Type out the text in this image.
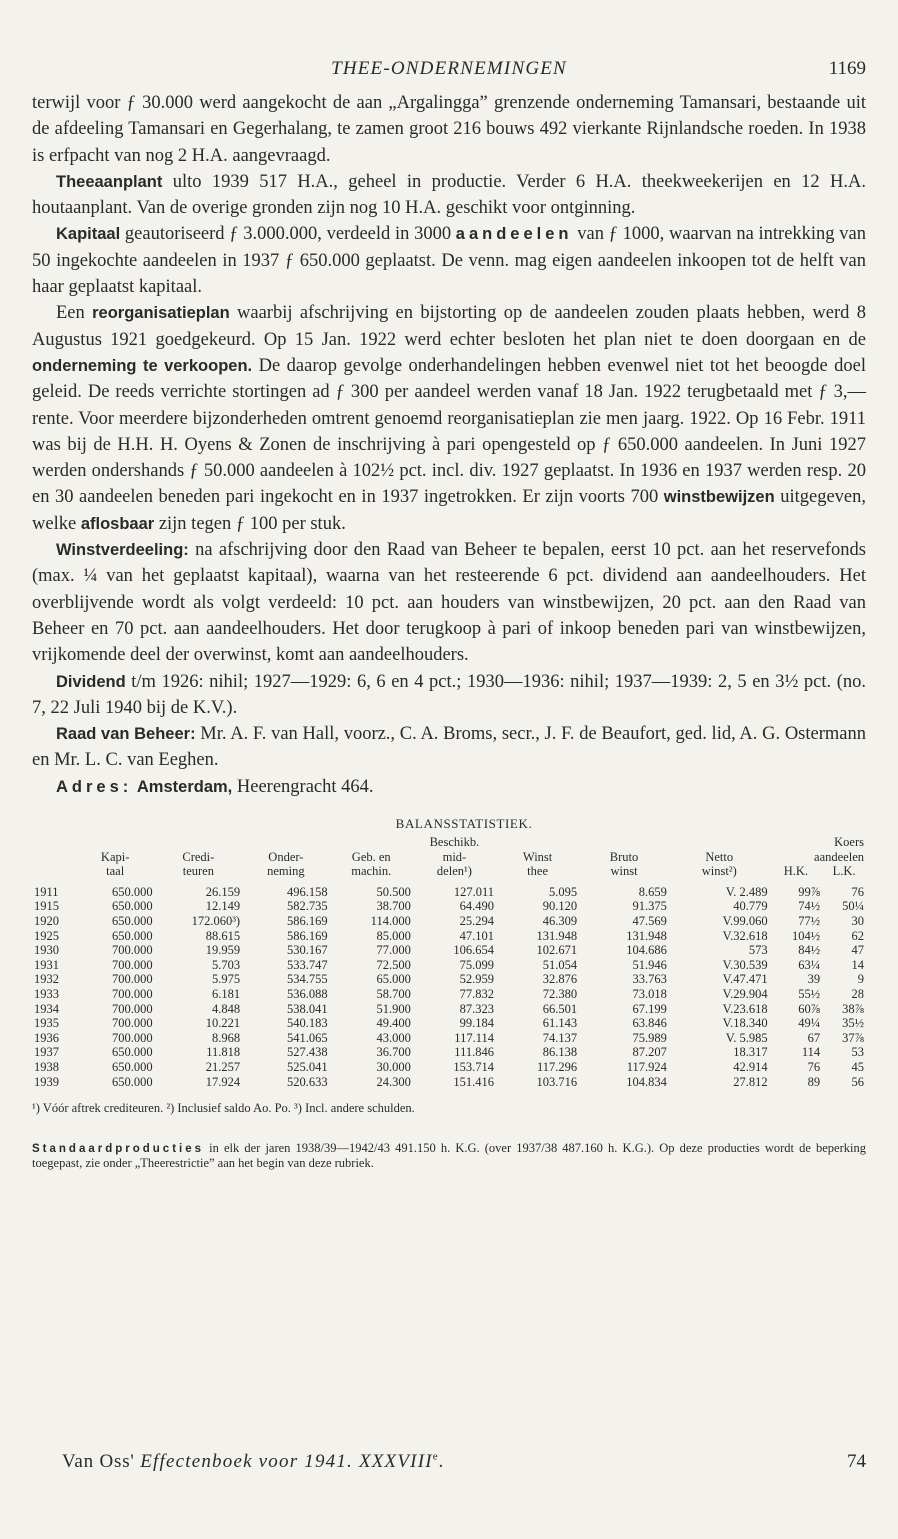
THEE-ONDERNEMINGEN	1169

terwijl voor ƒ 30.000 werd aangekocht de aan „Argalingga” grenzende onderneming Tamansari, bestaande uit de afdeeling Tamansari en Gegerhalang, te zamen groot 216 bouws 492 vierkante Rijnlandsche roeden. In 1938 is erfpacht van nog 2 H.A. aangevraagd.

Theeaanplant ulto 1939 517 H.A., geheel in productie. Verder 6 H.A. theekweekerijen en 12 H.A. houtaanplant. Van de overige gronden zijn nog 10 H.A. geschikt voor ontginning.

Kapitaal geautoriseerd ƒ 3.000.000, verdeeld in 3000 aandeelen van ƒ 1000, waarvan na intrekking van 50 ingekochte aandeelen in 1937 ƒ 650.000 geplaatst. De venn. mag eigen aandeelen inkoopen tot de helft van haar geplaatst kapitaal.

Een reorganisatieplan waarbij afschrijving en bijstorting op de aandeelen zouden plaats hebben, werd 8 Augustus 1921 goedgekeurd. Op 15 Jan. 1922 werd echter besloten het plan niet te doen doorgaan en de onderneming te verkoopen. De daarop gevolge onderhandelingen hebben evenwel niet tot het beoogde doel geleid. De reeds verrichte stortingen ad ƒ 300 per aandeel werden vanaf 18 Jan. 1922 terugbetaald met ƒ 3,— rente. Voor meerdere bijzonderheden omtrent genoemd reorganisatieplan zie men jaarg. 1922. Op 16 Febr. 1911 was bij de H.H. H. Oyens & Zonen de inschrijving à pari opengesteld op ƒ 650.000 aandeelen. In Juni 1927 werden ondershands ƒ 50.000 aandeelen à 102½ pct. incl. div. 1927 geplaatst. In 1936 en 1937 werden resp. 20 en 30 aandeelen beneden pari ingekocht en in 1937 ingetrokken. Er zijn voorts 700 winstbewijzen uitgegeven, welke aflosbaar zijn tegen ƒ 100 per stuk.

Winstverdeeling: na afschrijving door den Raad van Beheer te bepalen, eerst 10 pct. aan het reservefonds (max. ¼ van het geplaatst kapitaal), waarna van het resteerende 6 pct. dividend aan aandeelhouders. Het overblijvende wordt als volgt verdeeld: 10 pct. aan houders van winstbewijzen, 20 pct. aan den Raad van Beheer en 70 pct. aan aandeelhouders. Het door terugkoop à pari of inkoop beneden pari van winstbewijzen, vrijkomende deel der overwinst, komt aan aandeelhouders.

Dividend t/m 1926: nihil; 1927—1929: 6, 6 en 4 pct.; 1930—1936: nihil; 1937—1939: 2, 5 en 3½ pct. (no. 7, 22 Juli 1940 bij de K.V.).

Raad van Beheer: Mr. A. F. van Hall, voorz., C. A. Broms, secr., J. F. de Beaufort, ged. lid, A. G. Ostermann en Mr. L. C. van Eeghen.

Adres: Amsterdam, Heerengracht 464.

BALANSSTATISTIEK.
					Beschikb.				Koers	
	Kapi-	Credi-	Onder-	Geb. en	mid-	Winst	Bruto	Netto	aandeelen	
	taal	teuren	neming	machin.	delen¹)	thee	winst	winst²)	H.K.	L.K.

1911	650.000	26.159	496.158	50.500	127.011	5.095	8.659	V. 2.489	99⅞	76
1915	650.000	12.149	582.735	38.700	64.490	90.120	91.375	40.779	74½	50¼
1920	650.000	172.060³)	586.169	114.000	25.294	46.309	47.569	V.99.060	77½	30
1925	650.000	88.615	586.169	85.000	47.101	131.948	131.948	V.32.618	104½	62
1930	700.000	19.959	530.167	77.000	106.654	102.671	104.686	573	84½	47
1931	700.000	5.703	533.747	72.500	75.099	51.054	51.946	V.30.539	63¼	14
1932	700.000	5.975	534.755	65.000	52.959	32.876	33.763	V.47.471	39	9
1933	700.000	6.181	536.088	58.700	77.832	72.380	73.018	V.29.904	55½	28
1934	700.000	4.848	538.041	51.900	87.323	66.501	67.199	V.23.618	60⅞	38⅞
1935	700.000	10.221	540.183	49.400	99.184	61.143	63.846	V.18.340	49¼	35½
1936	700.000	8.968	541.065	43.000	117.114	74.137	75.989	V. 5.985	67	37⅞
1937	650.000	11.818	527.438	36.700	111.846	86.138	87.207	18.317	114	53
1938	650.000	21.257	525.041	30.000	153.714	117.296	117.924	42.914	76	45
1939	650.000	17.924	520.633	24.300	151.416	103.716	104.834	27.812	89	56
¹) Vóór aftrek crediteuren. ²) Inclusief saldo Ao. Po. ³) Incl. andere schulden.
Standaardproducties in elk der jaren 1938/39—1942/43 491.150 h. K.G. (over 1937/38 487.160 h. K.G.). Op deze producties wordt de beperking toegepast, zie onder „Theerestrictie” aan het begin van deze rubriek.
Van Oss' Effectenboek voor 1941. XXXVIIIe.	74
